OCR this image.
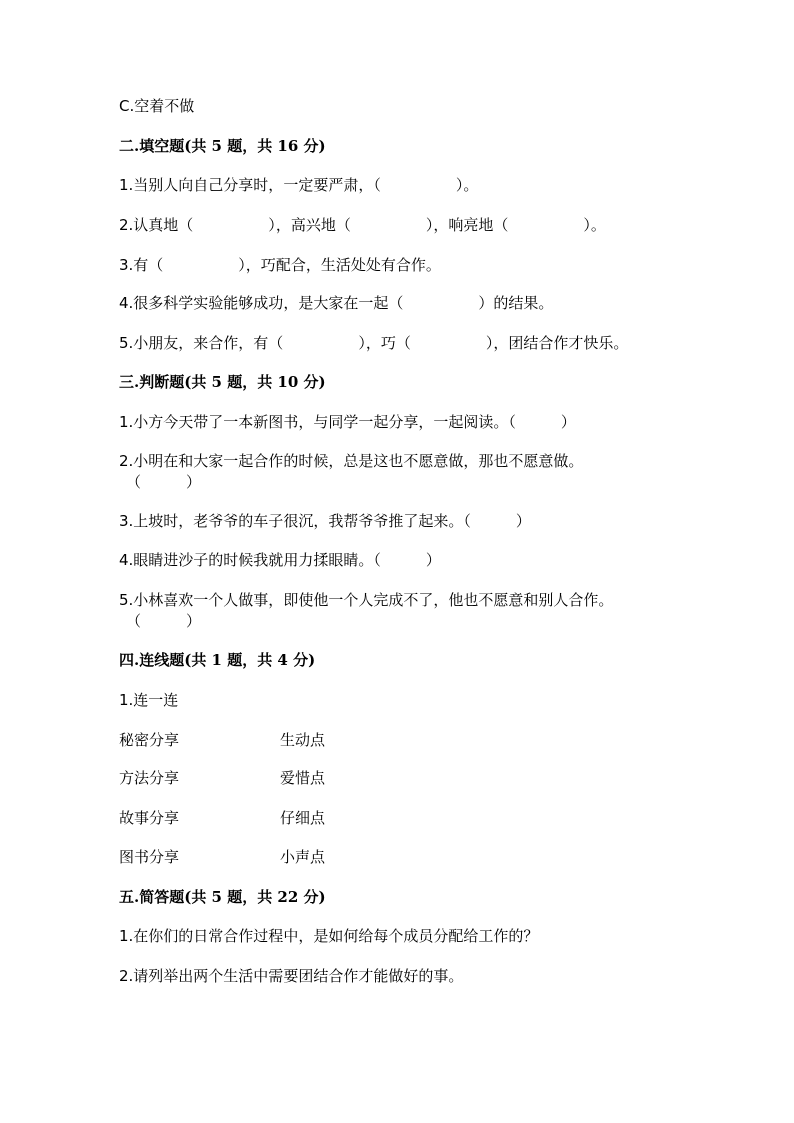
C.空着不做
二.填空题(共 5 题，共 16 分)
1.当别人向自己分享时，一定要严肃，（　　　　　）。
2.认真地（　　　　　），高兴地（　　　　　），响亮地（　　　　　）。
3.有（　　　　　），巧配合，生活处处有合作。
4.很多科学实验能够成功，是大家在一起（　　　　　）的结果。
5.小朋友，来合作，有（　　　　　），巧（　　　　　），团结合作才快乐。
三.判断题(共 5 题，共 10 分)
1.小方今天带了一本新图书，与同学一起分享，一起阅读。（　　　）
2.小明在和大家一起合作的时候，总是这也不愿意做，那也不愿意做。
（　　　）
3.上坡时，老爷爷的车子很沉，我帮爷爷推了起来。（　　　）
4.眼睛进沙子的时候我就用力揉眼睛。（　　　）
5.小林喜欢一个人做事，即使他一个人完成不了，他也不愿意和别人合作。
（　　　）
四.连线题(共 1 题，共 4 分)
1.连一连
秘密分享	生动点
方法分享	爱惜点
故事分享	仔细点
图书分享	小声点
五.简答题(共 5 题，共 22 分)
1.在你们的日常合作过程中，是如何给每个成员分配给工作的？
2.请列举出两个生活中需要团结合作才能做好的事。
